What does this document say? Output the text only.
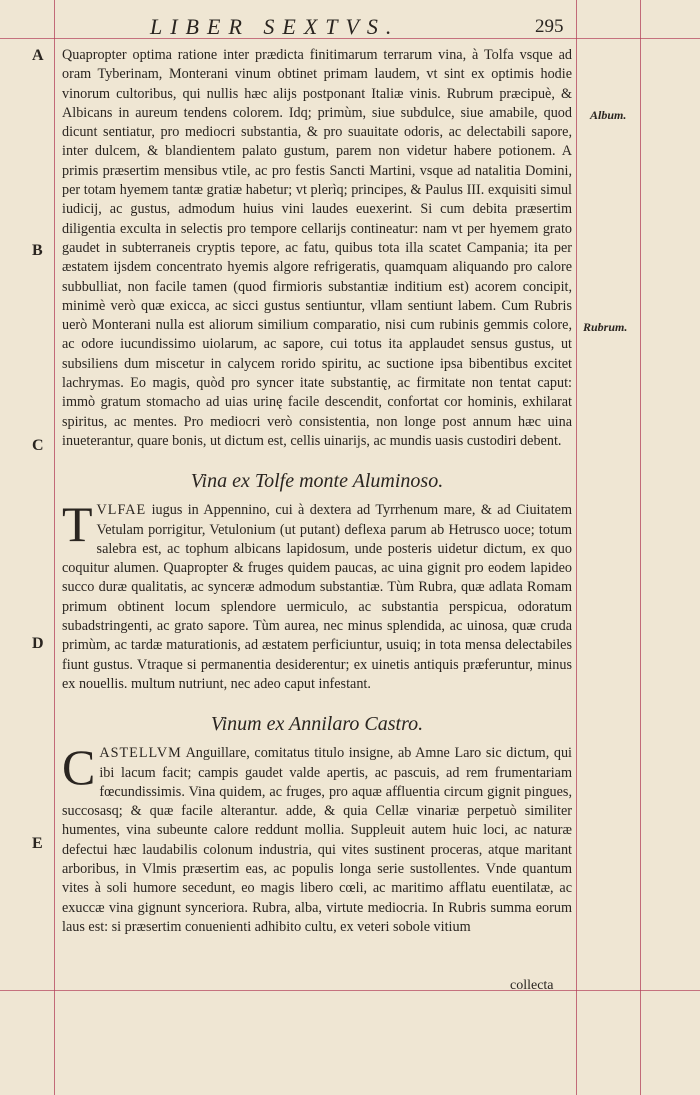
LIBER SEXTVS.	295
A
B
C
D
E
Album.
Rubrum.

Quapropter optima ratione inter prædicta finitimarum terrarum vina, à Tolfa vsque ad oram Tyberinam, Monterani vinum obtinet primam laudem, vt sint ex optimis hodie vinorum cultoribus, qui nullis hæc alijs postponant Italiæ vinis. Rubrum præcipuè, & Albicans in aureum tendens colorem. Idq; primùm, siue subdulce, siue amabile, quod dicunt sentiatur, pro mediocri substantia, & pro suauitate odoris, ac delectabili sapore, inter dulcem, & blandientem palato gustum, parem non videtur habere potionem. A primis præsertim mensibus vtile, ac pro festis Sancti Martini, vsque ad natalitia Domini, per totam hyemem tantæ gratiæ habetur; vt plerìq; principes, & Paulus III. exquisiti simul iudicij, ac gustus, admodum huius vini laudes euexerint. Si cum debita præsertim diligentia exculta in selectis pro tempore cellarijs contineatur: nam vt per hyemem grato gaudet in subterraneis cryptis tepore, ac fatu, quibus tota illa scatet Campania; ita per æstatem ijsdem concentrato hyemis algore refrigeratis, quamquam aliquando pro calore subbulliat, non facile tamen (quod firmioris substantiæ inditium est) acorem concipit, minimè verò quæ exicca, ac sicci gustus sentiuntur, vllam sentiunt labem. Cum Rubris uerò Monterani nulla est aliorum similium comparatio, nisi cum rubinis gemmis colore, ac odore iucundissimo uiolarum, ac sapore, cui totus ita applaudet sensus gustus, ut subsiliens dum miscetur in calycem rorido spiritu, ac suctione ipsa bibentibus excitet lachrymas. Eo magis, quòd pro syncer itate substantię, ac firmitate non tentat caput: immò gratum stomacho ad uias urinę facile descendit, confortat cor hominis, exhilarat spiritus, ac mentes. Pro mediocri verò consistentia, non longe post annum hæc uina inueterantur, quare bonis, ut dictum est, cellis uinarijs, ac mundis uasis custodiri debent.

Vina ex Tolfe monte Aluminoso.

TVLFAE iugus in Appennino, cui à dextera ad Tyrrhenum mare, & ad Ciuitatem Vetulam porrigitur, Vetulonium (ut putant) deflexa parum ab Hetrusco uoce; totum salebra est, ac tophum albicans lapidosum, unde posteris uidetur dictum, ex quo coquitur alumen. Quapropter & fruges quidem paucas, ac uina gignit pro eodem lapideo succo duræ qualitatis, ac synceræ admodum substantiæ. Tùm Rubra, quæ adlata Romam primum obtinent locum splendore uermiculo, ac substantia perspicua, odoratum subadstringenti, ac grato sapore. Tùm aurea, nec minus splendida, ac uinosa, quæ cruda primùm, ac tardæ maturationis, ad æstatem perficiuntur, usuiq; in tota mensa delectabiles fiunt gustus. Vtraque si permanentia desiderentur; ex uinetis antiquis præferuntur, minus ex nouellis. multum nutriunt, nec adeo caput infestant.

Vinum ex Annilaro Castro.

CASTELLVM Anguillare, comitatus titulo insigne, ab Amne Laro sic dictum, qui ibi lacum facit; campis gaudet valde apertis, ac pascuis, ad rem frumentariam fœcundissimis. Vina quidem, ac fruges, pro aquæ affluentia circum gignit pingues, succosasq; & quæ facile alterantur. adde, & quia Cellæ vinariæ perpetuò similiter humentes, vina subeunte calore reddunt mollia. Suppleuit autem huic loci, ac naturæ defectui hæc laudabilis colonum industria, qui vites sustinent proceras, atque maritant arboribus, in Vlmis præsertim eas, ac populis longa serie sustollentes. Vnde quantum vites à soli humore secedunt, eo magis libero cœli, ac maritimo afflatu euentilatæ, ac exuccæ vina gignunt synceriora. Rubra, alba, virtute mediocria. In Rubris summa eorum laus est: si præsertim conuenienti adhibito cultu, ex veteri sobole vitium

collecta
